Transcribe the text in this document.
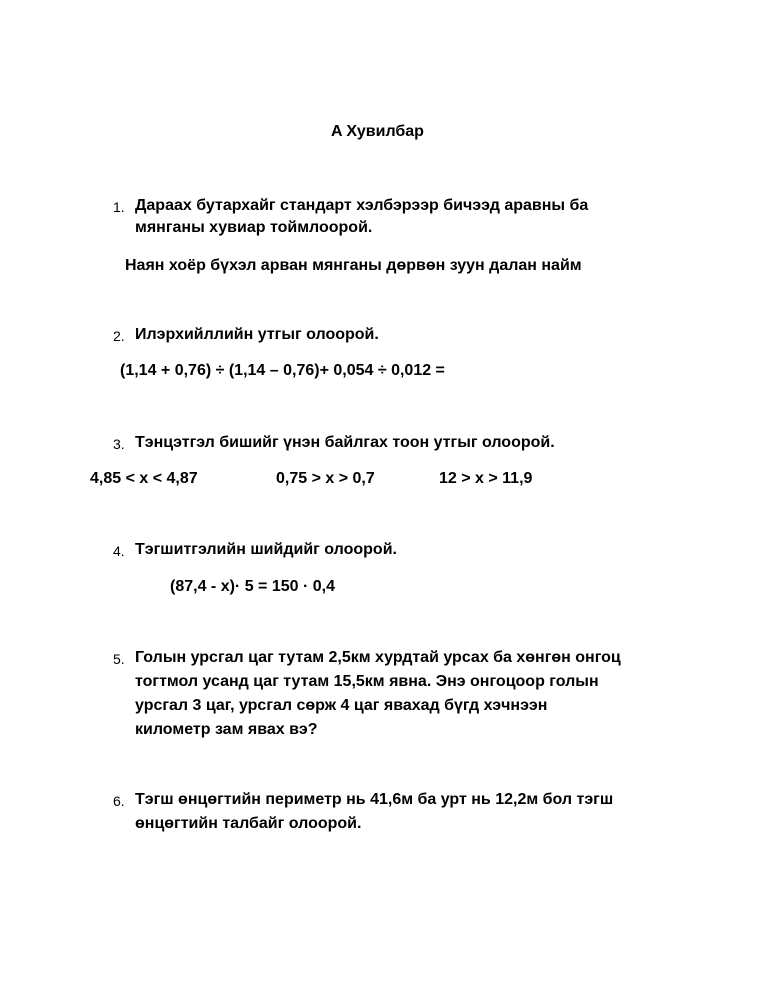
A Хувилбар
1. Дараах бутархайг стандарт хэлбэрээр бичээд аравны ба
мянганы хувиар тоймлоорой.
Наян хоёр бүхэл арван мянганы дөрвөн зуун далан найм
2. Илэрхийллийн утгыг олоорой.
(1,14 + 0,76) ÷ (1,14 – 0,76)+ 0,054 ÷ 0,012 =
3. Тэнцэтгэл бишийг үнэн байлгах тоон утгыг олоорой.
4,85 < x < 4,87	0,75 > x > 0,7	12 > x > 11,9
4. Тэгшитгэлийн шийдийг олоорой.
(87,4 - x)· 5 = 150 · 0,4
5. Голын урсгал цаг тутам 2,5км хурдтай урсах ба хөнгөн онгоц
тогтмол усанд цаг тутам 15,5км явна. Энэ онгоцоор голын
урсгал 3 цаг, урсгал сөрж 4 цаг явахад бүгд хэчнээн
километр зам явах вэ?
6. Тэгш өнцөгтийн периметр нь 41,6м ба урт нь 12,2м бол тэгш
өнцөгтийн талбайг олоорой.
